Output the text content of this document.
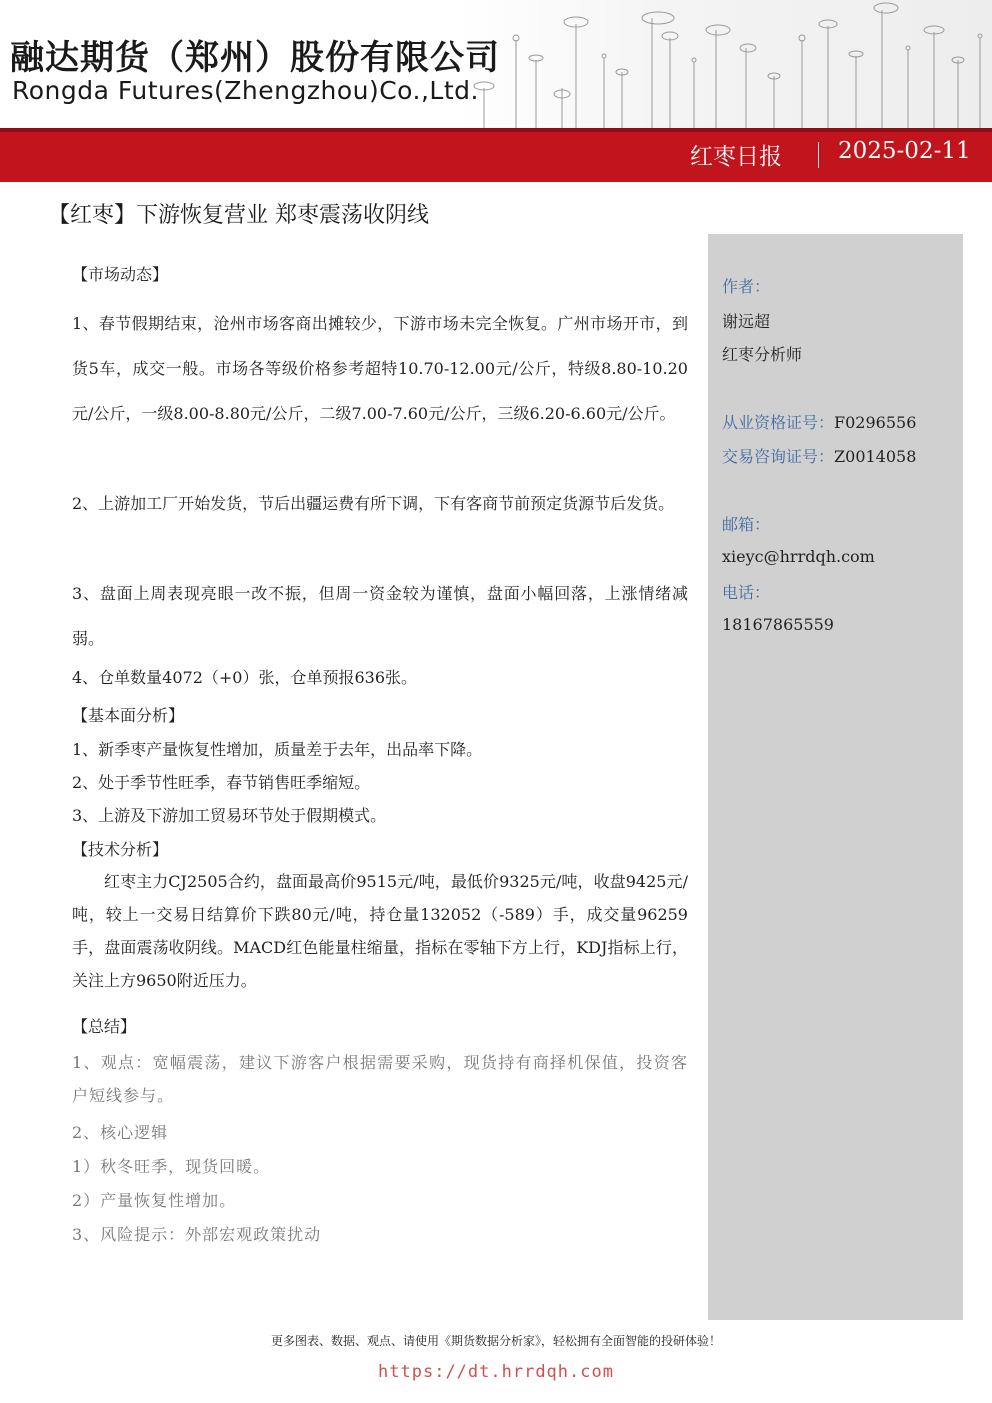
融达期货（郑州）股份有限公司
Rongda Futures(Zhengzhou)Co.,Ltd.
红枣日报 2025-02-11
【红枣】下游恢复营业 郑枣震荡收阴线
作者：
谢远超
红枣分析师
从业资格证号：F0296556
交易咨询证号：Z0014058
邮箱：
xieyc@hrrdqh.com
电话：
18167865559
【市场动态】
1、春节假期结束，沧州市场客商出摊较少，下游市场未完全恢复。广州市场开市，到货5车，成交一般。市场各等级价格参考超特10.70-12.00元/公斤，特级8.80-10.20元/公斤，一级8.00-8.80元/公斤，二级7.00-7.60元/公斤，三级6.20-6.60元/公斤。
2、上游加工厂开始发货，节后出疆运费有所下调，下有客商节前预定货源节后发货。
3、盘面上周表现亮眼一改不振，但周一资金较为谨慎，盘面小幅回落，上涨情绪减弱。
4、仓单数量4072（+0）张，仓单预报636张。
【基本面分析】
1、新季枣产量恢复性增加，质量差于去年，出品率下降。
2、处于季节性旺季，春节销售旺季缩短。
3、上游及下游加工贸易环节处于假期模式。
【技术分析】
红枣主力CJ2505合约，盘面最高价9515元/吨，最低价9325元/吨，收盘9425元/吨，较上一交易日结算价下跌80元/吨，持仓量132052（-589）手，成交量96259手，盘面震荡收阴线。MACD红色能量柱缩量，指标在零轴下方上行，KDJ指标上行，关注上方9650附近压力。
【总结】
1、观点：宽幅震荡，建议下游客户根据需要采购，现货持有商择机保值，投资客户短线参与。
2、核心逻辑
1）秋冬旺季，现货回暖。
2）产量恢复性增加。
3、风险提示：外部宏观政策扰动
更多图表、数据、观点、请使用《期货数据分析家》，轻松拥有全面智能的投研体验！
https://dt.hrrdqh.com
